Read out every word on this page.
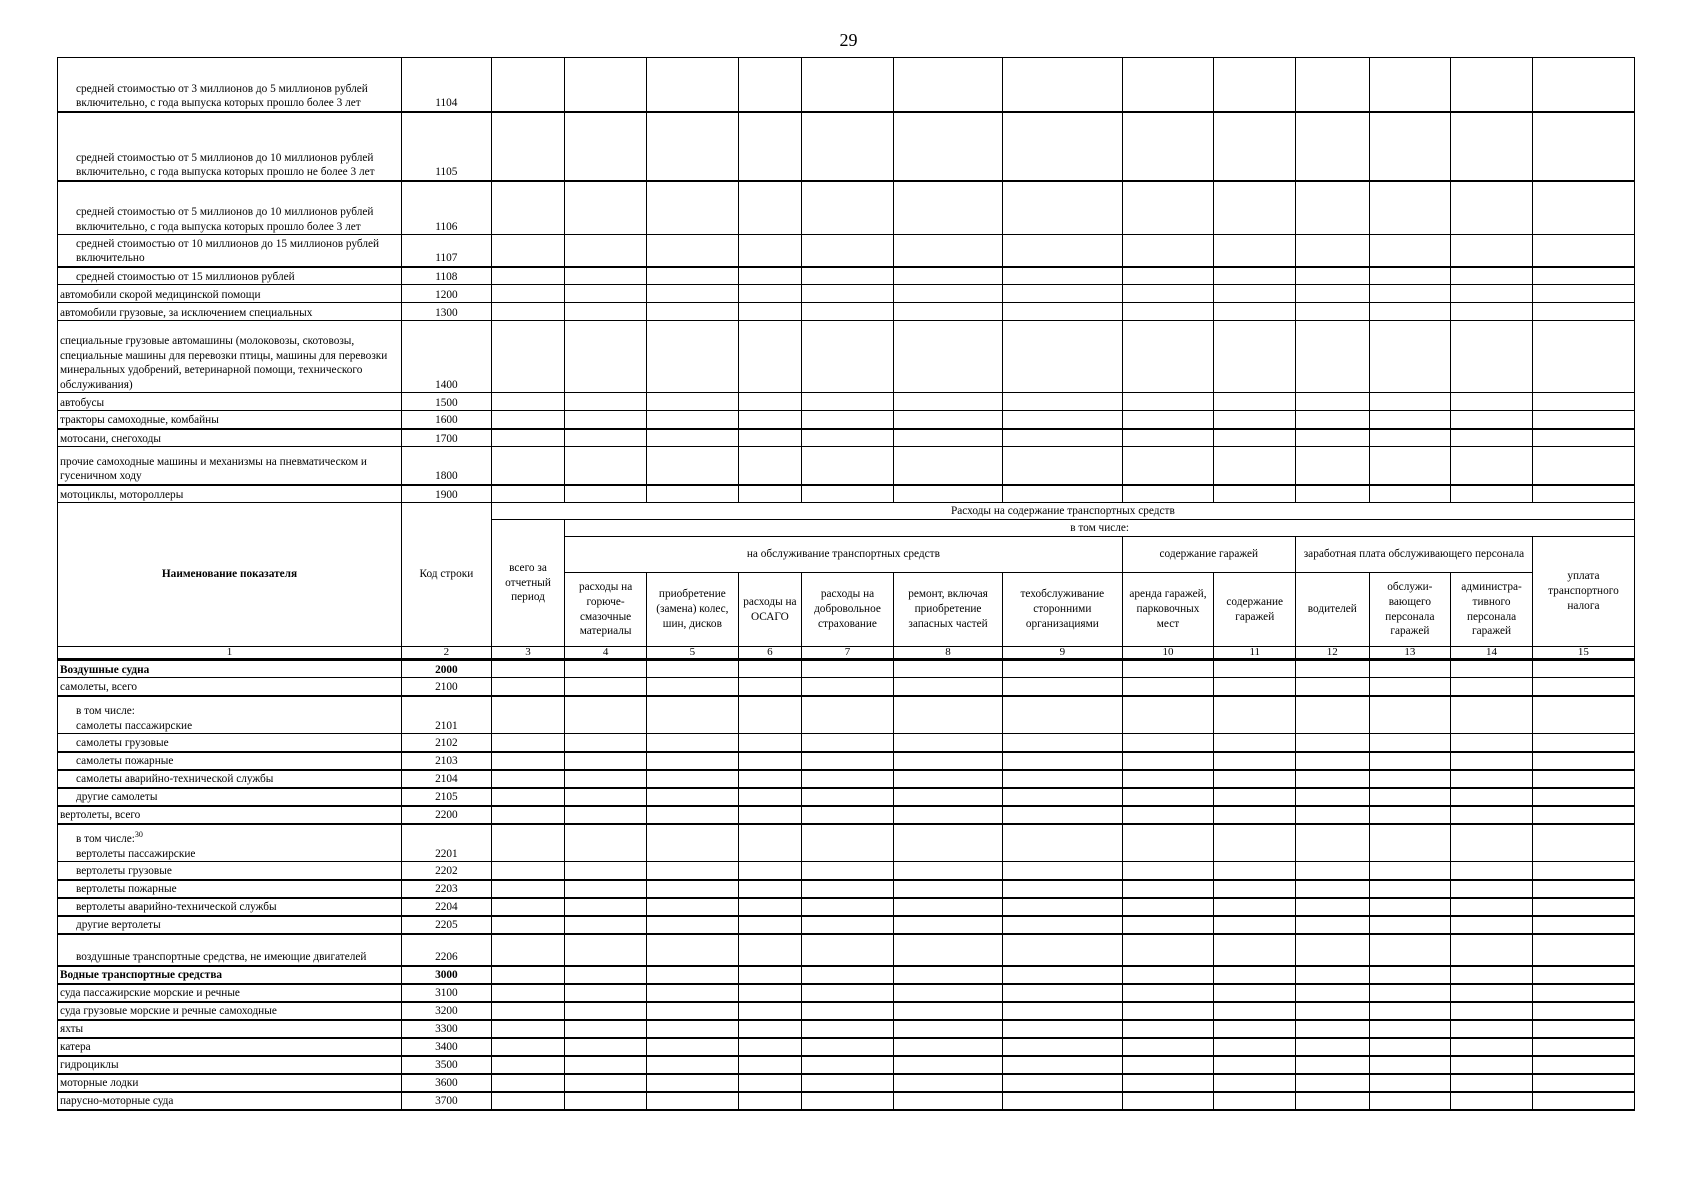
29
средней стоимостью от 3 миллионов до 5 миллионов рублей включительно, с года выпуска которых прошло более 3 лет	1104													
средней стоимостью от 5 миллионов до 10 миллионов рублей включительно, с года выпуска которых прошло не более 3 лет	1105													
средней стоимостью от 5 миллионов до 10 миллионов рублей включительно, с года выпуска которых прошло более 3 лет	1106													
средней стоимостью от 10 миллионов до 15 миллионов рублей включительно	1107													
средней стоимостью от 15 миллионов рублей	1108													
автомобили скорой медицинской помощи	1200													
автомобили грузовые, за исключением специальных	1300													
специальные грузовые автомашины (молоковозы, скотовозы, специальные машины для перевозки птицы, машины для перевозки минеральных удобрений, ветеринарной помощи, технического обслуживания)	1400													
автобусы	1500													
тракторы самоходные, комбайны	1600													
мотосани, снегоходы	1700													
прочие самоходные машины и механизмы на пневматическом и гусеничном ходу	1800													
мотоциклы, мотороллеры	1900													
Наименование показателя	Код строки	Расходы на содержание транспортных средств												
		всего за отчетный период	в том числе:											
			на обслуживание транспортных средств						содержание гаражей		заработная плата обслуживающего персонала			уплата транспортного налога
			расходы на горюче-смазочные материалы	приобретение (замена) колес, шин, дисков	расходы на ОСАГО	расходы на добровольное страхование	ремонт, включая приобретение запасных частей	техобслуживание сторонними организациями	аренда гаражей, парковочных мест	содержание гаражей	водителей	обслужи-вающего персонала гаражей	администра-тивного персонала гаражей	
1	2	3	4	5	6	7	8	9	10	11	12	13	14	15
Воздушные судна	2000													
самолеты, всего	2100													
в том числе:
самолеты пассажирские	2101													
самолеты грузовые	2102													
самолеты пожарные	2103													
самолеты аварийно-технической службы	2104													
другие самолеты	2105													
вертолеты, всего	2200													
в том числе:$^{30}$
вертолеты пассажирские	2201													
вертолеты грузовые	2202													
вертолеты пожарные	2203													
вертолеты аварийно-технической службы	2204													
другие вертолеты	2205													
воздушные транспортные средства, не имеющие двигателей	2206													
Водные транспортные средства	3000													
суда пассажирские морские и речные	3100													
суда грузовые морские и речные самоходные	3200													
яхты	3300													
катера	3400													
гидроциклы	3500													
моторные лодки	3600													
парусно-моторные суда	3700													
